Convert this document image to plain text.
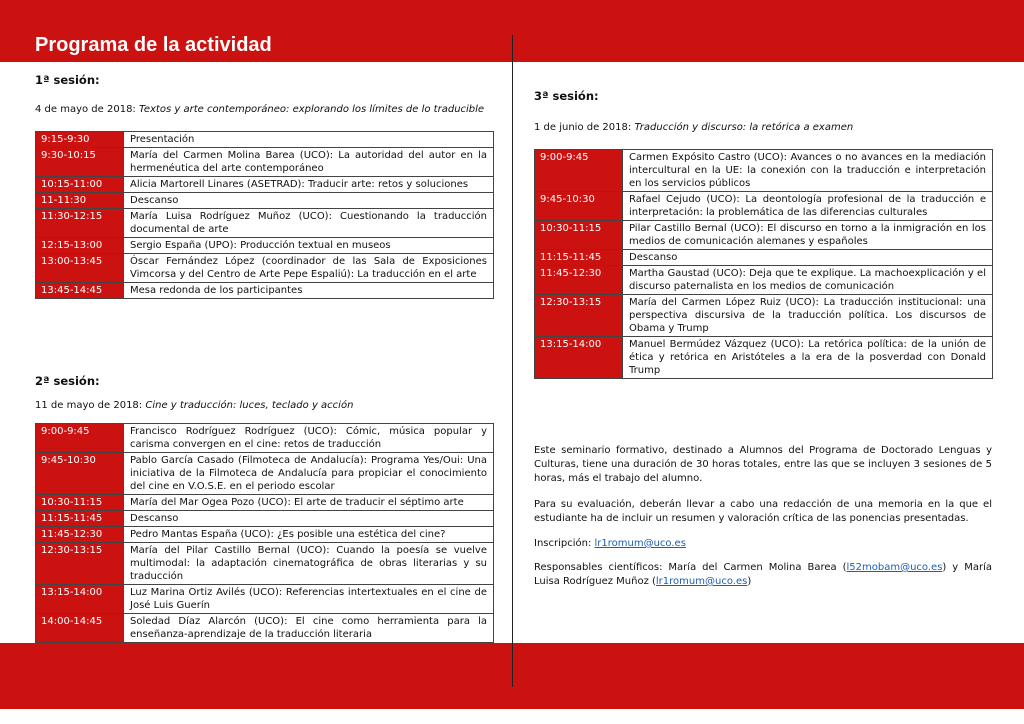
Programa de la actividad
1ª sesión:
4 de mayo de 2018: Textos y arte contemporáneo: explorando los límites de lo traducible
9:15-9:30	Presentación
9:30-10:15	María del Carmen Molina Barea (UCO): La autoridad del autor en la hermenéutica del arte contemporáneo
10:15-11:00	Alicia Martorell Linares (ASETRAD): Traducir arte: retos y soluciones
11-11:30	Descanso
11:30-12:15	María Luisa Rodríguez Muñoz (UCO): Cuestionando la traducción documental de arte
12:15-13:00	Sergio España (UPO): Producción textual en museos
13:00-13:45	Óscar Fernández López (coordinador de las Sala de Exposiciones Vimcorsa y del Centro de Arte Pepe Espaliú): La traducción en el arte
13:45-14:45	Mesa redonda de los participantes
2ª sesión:
11 de mayo de 2018: Cine y traducción: luces, teclado y acción
9:00-9:45	Francisco Rodríguez Rodríguez (UCO): Cómic, música popular y carisma convergen en el cine: retos de traducción
9:45-10:30	Pablo García Casado (Filmoteca de Andalucía): Programa Yes/Oui: Una iniciativa de la Filmoteca de Andalucía para propiciar el conocimiento del cine en V.O.S.E. en el periodo escolar
10:30-11:15	María del Mar Ogea Pozo (UCO): El arte de traducir el séptimo arte
11:15-11:45	Descanso
11:45-12:30	Pedro Mantas España (UCO): ¿Es posible una estética del cine?
12:30-13:15	María del Pilar Castillo Bernal (UCO): Cuando la poesía se vuelve multimodal: la adaptación cinematográfica de obras literarias y su traducción
13:15-14:00	Luz Marina Ortiz Avilés (UCO): Referencias intertextuales en el cine de José Luis Guerín
14:00-14:45	Soledad Díaz Alarcón (UCO): El cine como herramienta para la enseñanza-aprendizaje de la traducción literaria
3ª sesión:
1 de junio de 2018: Traducción y discurso: la retórica a examen
9:00-9:45	Carmen Expósito Castro (UCO): Avances o no avances en la mediación intercultural en la UE: la conexión con la traducción e interpretación en los servicios públicos
9:45-10:30	Rafael Cejudo (UCO): La deontología profesional de la traducción e interpretación: la problemática de las diferencias culturales
10:30-11:15	Pilar Castillo Bernal (UCO): El discurso en torno a la inmigración en los medios de comunicación alemanes y españoles
11:15-11:45	Descanso
11:45-12:30	Martha Gaustad (UCO): Deja que te explique. La machoexplicación y el discurso paternalista en los medios de comunicación
12:30-13:15	María del Carmen López Ruiz (UCO): La traducción institucional: una perspectiva discursiva de la traducción política. Los discursos de Obama y Trump
13:15-14:00	Manuel Bermúdez Vázquez (UCO): La retórica política: de la unión de ética y retórica en Aristóteles a la era de la posverdad con Donald Trump
Este seminario formativo, destinado a Alumnos del Programa de Doctorado Lenguas y Culturas, tiene una duración de 30 horas totales, entre las que se incluyen 3 sesiones de 5 horas, más el trabajo del alumno.
Para su evaluación, deberán llevar a cabo una redacción de una memoria en la que el estudiante ha de incluir un resumen y valoración crítica de las ponencias presentadas.
Inscripción: lr1romum@uco.es
Responsables científicos: María del Carmen Molina Barea (l52mobam@uco.es) y María Luisa Rodríguez Muñoz (lr1romum@uco.es)
